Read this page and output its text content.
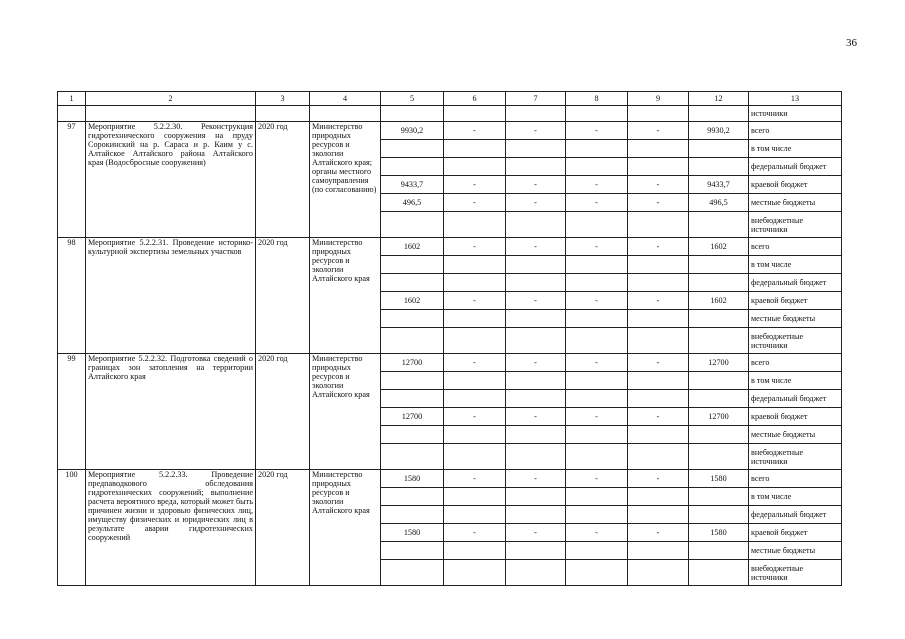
36
1	2	3	4	5	6	7	8	9	12	13
										источники
97	Мероприятие 5.2.2.30. Реконструкция гидротехнического сооружения на пруду Сорокинский на р. Сараса и р. Каим у с. Алтайское Алтайского района Алтайского края (Водосбросные сооружения)	2020 год	Министерство природных ресурсов и экологии Алтайского края; органы местного самоуправления (по согласованию)	9930,2	-	-	-	-	9930,2	всего
										в том числе
										федеральный бюджет
				9433,7	-	-	-	-	9433,7	краевой бюджет
				496,5	-	-	-	-	496,5	местные бюджеты
										внебюджетные источники
98	Мероприятие 5.2.2.31. Проведение историко-культурной экспертизы земельных участков	2020 год	Министерство природных ресурсов и экологии Алтайского края	1602	-	-	-	-	1602	всего
										в том числе
										федеральный бюджет
				1602	-	-	-	-	1602	краевой бюджет
										местные бюджеты
										внебюджетные источники
99	Мероприятие 5.2.2.32. Подготовка сведений о границах зон затопления на территории Алтайского края	2020 год	Министерство природных ресурсов и экологии Алтайского края	12700	-	-	-	-	12700	всего
										в том числе
										федеральный бюджет
				12700	-	-	-	-	12700	краевой бюджет
										местные бюджеты
										внебюджетные источники
100	Мероприятие 5.2.2.33. Проведение предпаводкового обследования гидротехнических сооружений; выполнение расчета вероятного вреда, который может быть причинен жизни и здоровью физических лиц, имуществу физических и юридических лиц в результате аварии гидротехнических сооружений	2020 год	Министерство природных ресурсов и экологии Алтайского края	1580	-	-	-	-	1580	всего
										в том числе
										федеральный бюджет
				1580	-	-	-	-	1580	краевой бюджет
										местные бюджеты
										внебюджетные источники
